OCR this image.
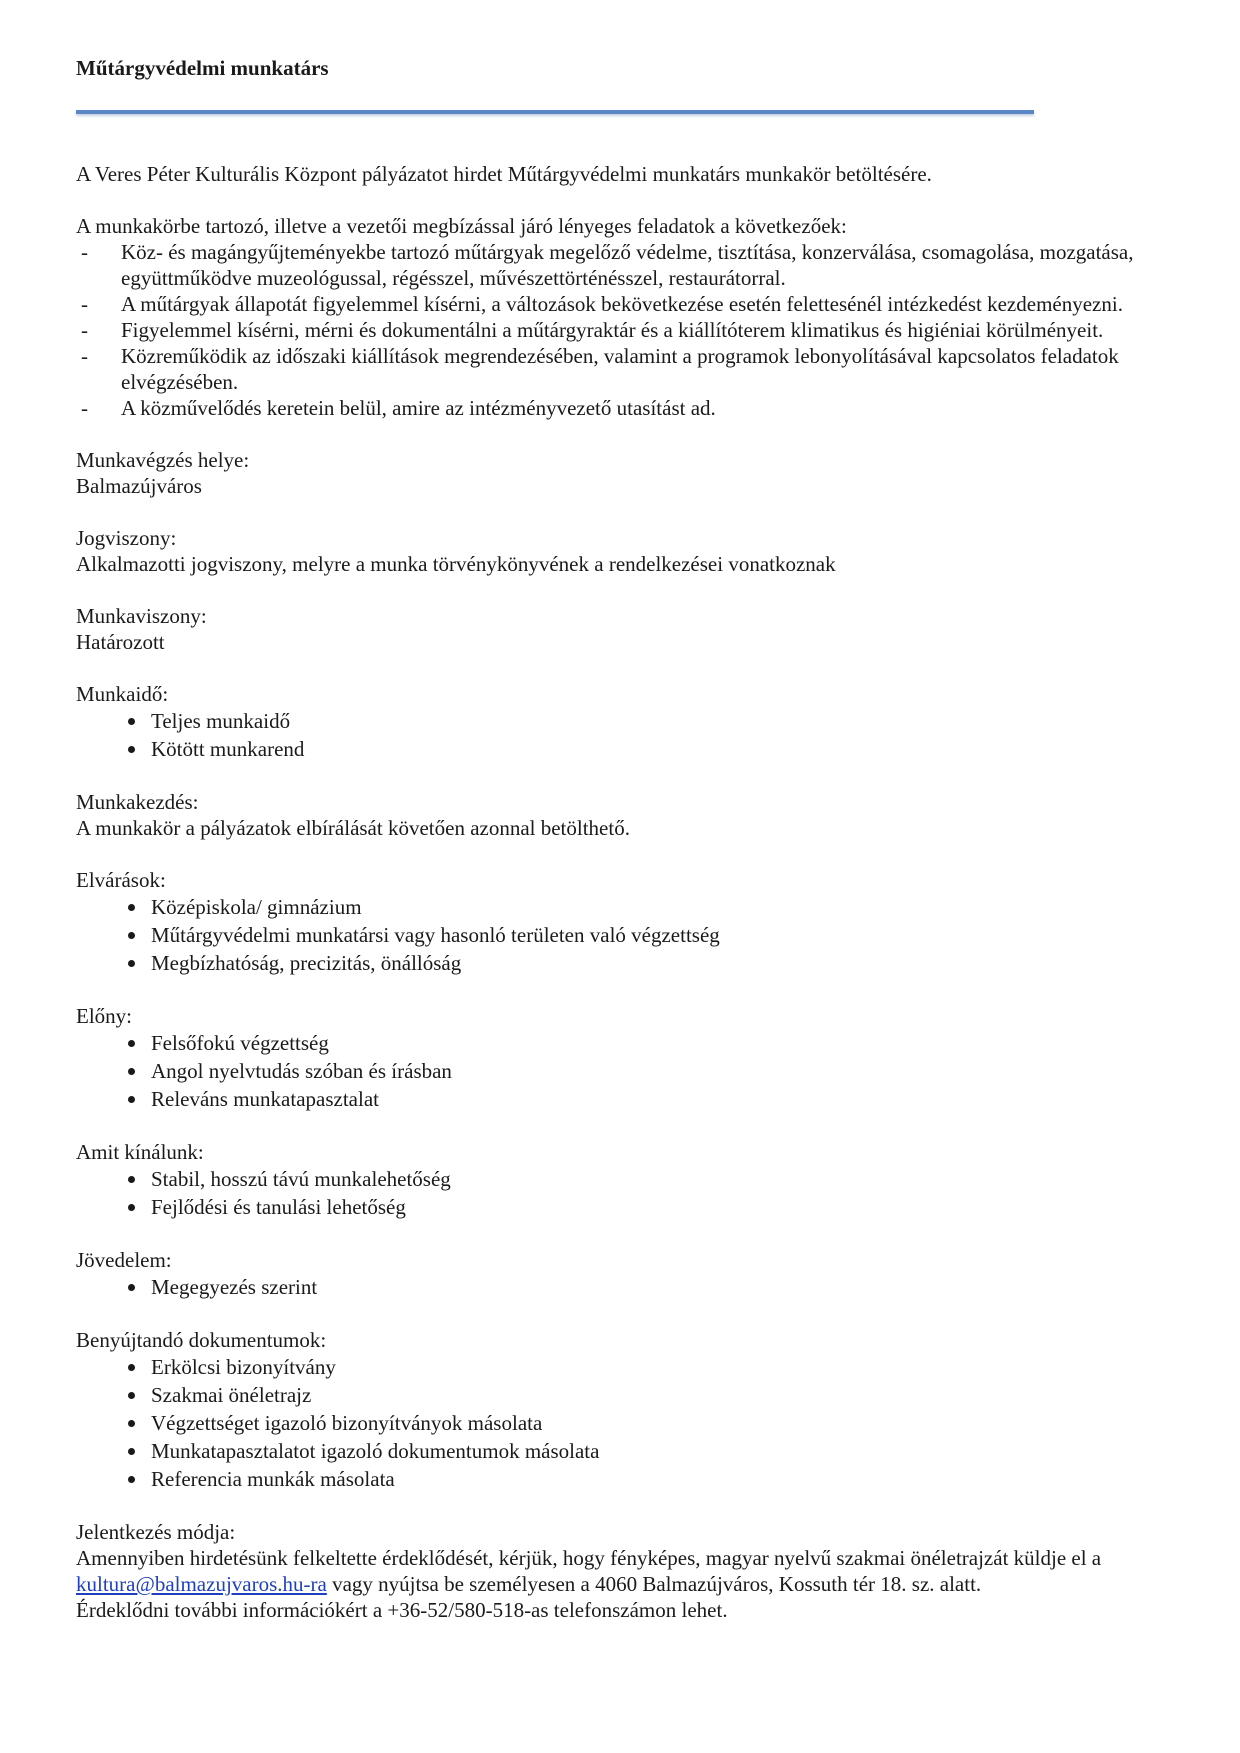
Műtárgyvédelmi munkatárs

A Veres Péter Kulturális Központ pályázatot hirdet Műtárgyvédelmi munkatárs munkakör betöltésére.

A munkakörbe tartozó, illetve a vezetői megbízással járó lényeges feladatok a következőek:

- Köz- és magángyűjteményekbe tartozó műtárgyak megelőző védelme, tisztítása, konzerválása, csomagolása, mozgatása, együttműködve muzeológussal, régésszel, művészettörténésszel, restaurátorral.
- A műtárgyak állapotát figyelemmel kísérni, a változások bekövetkezése esetén felettesénél intézkedést kezdeményezni.
- Figyelemmel kísérni, mérni és dokumentálni a műtárgyraktár és a kiállítóterem klimatikus és higiéniai körülményeit.
- Közreműködik az időszaki kiállítások megrendezésében, valamint a programok lebonyolításával kapcsolatos feladatok elvégzésében.
- A közművelődés keretein belül, amire az intézményvezető utasítást ad.

Munkavégzés helye:

Balmazújváros

Jogviszony:

Alkalmazotti jogviszony, melyre a munka törvénykönyvének a rendelkezései vonatkoznak

Munkaviszony:

Határozott

Munkaidő:

Teljes munkaidő
Kötött munkarend

Munkakezdés:

A munkakör a pályázatok elbírálását követően azonnal betölthető.

Elvárások:

Középiskola/ gimnázium
Műtárgyvédelmi munkatársi vagy hasonló területen való végzettség
Megbízhatóság, precizitás, önállóság

Előny:

Felsőfokú végzettség
Angol nyelvtudás szóban és írásban
Releváns munkatapasztalat

Amit kínálunk:

Stabil, hosszú távú munkalehetőség
Fejlődési és tanulási lehetőség

Jövedelem:

Megegyezés szerint

Benyújtandó dokumentumok:

Erkölcsi bizonyítvány
Szakmai önéletrajz
Végzettséget igazoló bizonyítványok másolata
Munkatapasztalatot igazoló dokumentumok másolata
Referencia munkák másolata

Jelentkezés módja:

Amennyiben hirdetésünk felkeltette érdeklődését, kérjük, hogy fényképes, magyar nyelvű szakmai önéletrajzát küldje el a kultura@balmazujvaros.hu-ra vagy nyújtsa be személyesen a 4060 Balmazújváros, Kossuth tér 18. sz. alatt.

Érdeklődni további információkért a +36-52/580-518-as telefonszámon lehet.
